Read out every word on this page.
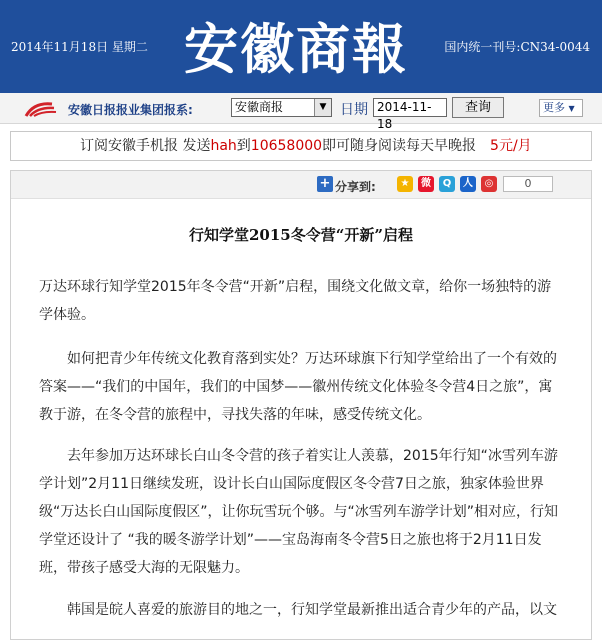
2014年11月18日 星期二 安徽商報	国内统一刊号:CN34-0044
安徽日报报业集团报系:	安徽商报	▼ 日期 2014-11-18
查询	更多 ▼
订阅安徽手机报 发送hah到10658000即可随身阅读每天早晚报 5元/月
+ 分享到:	★	微	Q	人	◎	0
行知学堂2015冬令营“开新”启程
万达环球行知学堂2015年冬令营“开新”启程，围绕文化做文章，给你一场独特的游学体验。
如何把青少年传统文化教育落到实处？万达环球旗下行知学堂给出了一个有效的答案——“我们的中国年，我们的中国梦——徽州传统文化体验冬令营4日之旅”，寓教于游，在冬令营的旅程中，寻找失落的年味，感受传统文化。
去年参加万达环球长白山冬令营的孩子着实让人羡慕，2015年行知“冰雪列车游学计划”2月11日继续发班，设计长白山国际度假区冬令营7日之旅，独家体验世界级“万达长白山国际度假区”，让你玩雪玩个够。与“冰雪列车游学计划”相对应，行知学堂还设计了 “我的暖冬游学计划”——宝岛海南冬令营5日之旅也将于2月11日发班，带孩子感受大海的无限魅力。
韩国是皖人喜爱的旅游目的地之一，行知学堂最新推出适合青少年的产品，以文
